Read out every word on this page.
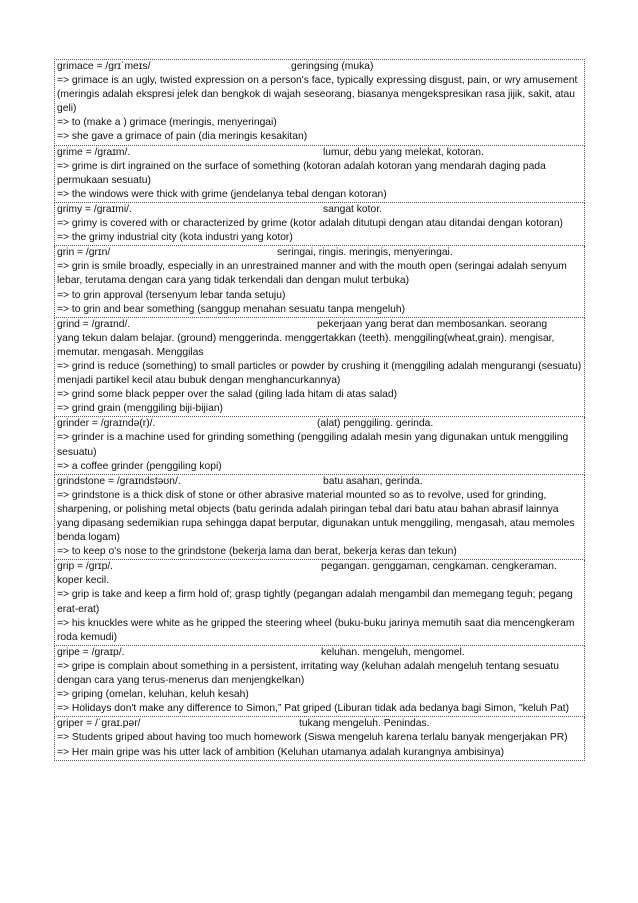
grimace = /grɪˈmeɪs/	geringsing (muka)
=> grimace is an ugly, twisted expression on a person's face, typically expressing disgust, pain, or wry amusement (meringis adalah ekspresi jelek dan bengkok di wajah seseorang, biasanya mengekspresikan rasa jijik, sakit, atau geli)
=> to (make a ) grimace (meringis, menyeringai)
=> she gave a grimace of pain (dia meringis kesakitan)
grime = /ɡraɪm/.	lumur, debu yang melekat, kotoran.
=> grime is dirt ingrained on the surface of something (kotoran adalah kotoran yang mendarah daging pada permukaan sesuatu)
=> the windows were thick with grime (jendelanya tebal dengan kotoran)
grimy = /ɡraɪmi/.	sangat kotor.
=> grimy is covered with or characterized by grime (kotor adalah ditutupi dengan atau ditandai dengan kotoran)
=> the grimy industrial city (kota industri yang kotor)
grin = /ɡrɪn/	seringai, ringis. meringis, menyeringai.
=> grin is smile broadly, especially in an unrestrained manner and with the mouth open (seringai adalah senyum lebar, terutama dengan cara yang tidak terkendali dan dengan mulut terbuka)
=> to grin approval (tersenyum lebar tanda setuju)
=> to grin and bear something (sanggup menahan sesuatu tanpa mengeluh)
grind = /ɡraɪnd/.	pekerjaan yang berat dan membosankan. seorang
yang tekun dalam belajar. (ground) menggerinda. menggertakkan (teeth). menggiling(wheat,grain). mengisar, memutar. mengasah. Menggilas
=> grind is reduce (something) to small particles or powder by crushing it (menggiling adalah mengurangi (sesuatu) menjadi partikel kecil atau bubuk dengan menghancurkannya)
=> grind some black pepper over the salad (giling lada hitam di atas salad)
=> grind grain (menggiling biji-bijian)
grinder = /ɡraɪndə(r)/.	(alat) penggiling. gerinda.
=> grinder is a machine used for grinding something (penggiling adalah mesin yang digunakan untuk menggiling sesuatu)
=> a coffee grinder (penggiling kopi)
grindstone = /ɡraɪndstəʊn/.	batu asahan, gerinda.
=> grindstone is a thick disk of stone or other abrasive material mounted so as to revolve, used for grinding, sharpening, or polishing metal objects (batu gerinda adalah piringan tebal dari batu atau bahan abrasif lainnya yang dipasang sedemikian rupa sehingga dapat berputar, digunakan untuk menggiling, mengasah, atau memoles benda logam)
=> to keep o's nose to the grindstone (bekerja lama dan berat, bekerja keras dan tekun)
grip = /ɡrɪp/.	pegangan. genggaman, cengkaman. cengkeraman.
koper kecil.
=> grip is take and keep a firm hold of; grasp tightly (pegangan adalah mengambil dan memegang teguh; pegang erat-erat)
=> his knuckles were white as he gripped the steering wheel (buku-buku jarinya memutih saat dia mencengkeram roda kemudi)
gripe = /ɡraɪp/.	keluhan. mengeluh, mengomel.
=> gripe is complain about something in a persistent, irritating way (keluhan adalah mengeluh tentang sesuatu dengan cara yang terus-menerus dan menjengkelkan)
=> griping (omelan, keluhan, keluh kesah)
=> Holidays don't make any difference to Simon,” Pat griped (Liburan tidak ada bedanya bagi Simon, "keluh Pat)
griper = /ˈɡraɪ.pər/	tukang mengeluh. Penindas.
=> Students griped about having too much homework (Siswa mengeluh karena terlalu banyak mengerjakan PR)
=> Her main gripe was his utter lack of ambition (Keluhan utamanya adalah kurangnya ambisinya)
